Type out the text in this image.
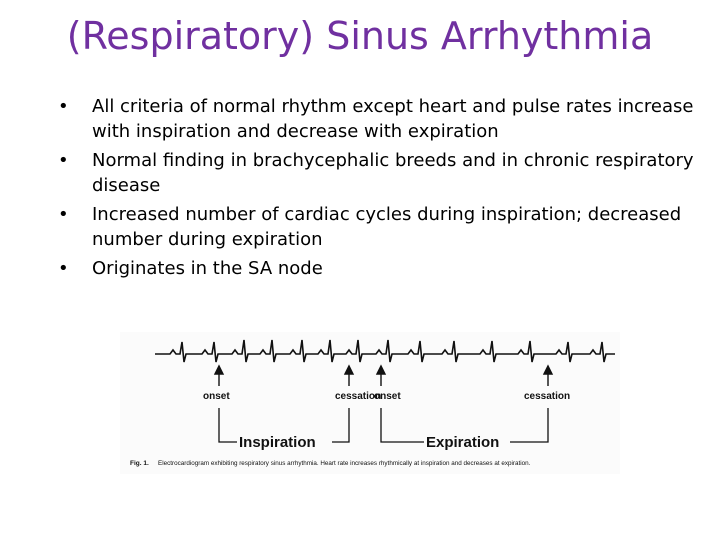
(Respiratory) Sinus Arrhythmia
• All criteria of normal rhythm except heart and pulse rates increase with inspiration and decrease with expiration
• Normal finding in brachycephalic breeds and in chronic respiratory disease
• Increased number of cardiac cycles during inspiration; decreased number during expiration
• Originates in the SA node
onset	cessation
onset	cessation
Inspiration	Expiration
Fig. 1. Electrocardiogram exhibiting respiratory sinus arrhythmia. Heart rate increases rhythmically at inspiration and decreases at expiration.
